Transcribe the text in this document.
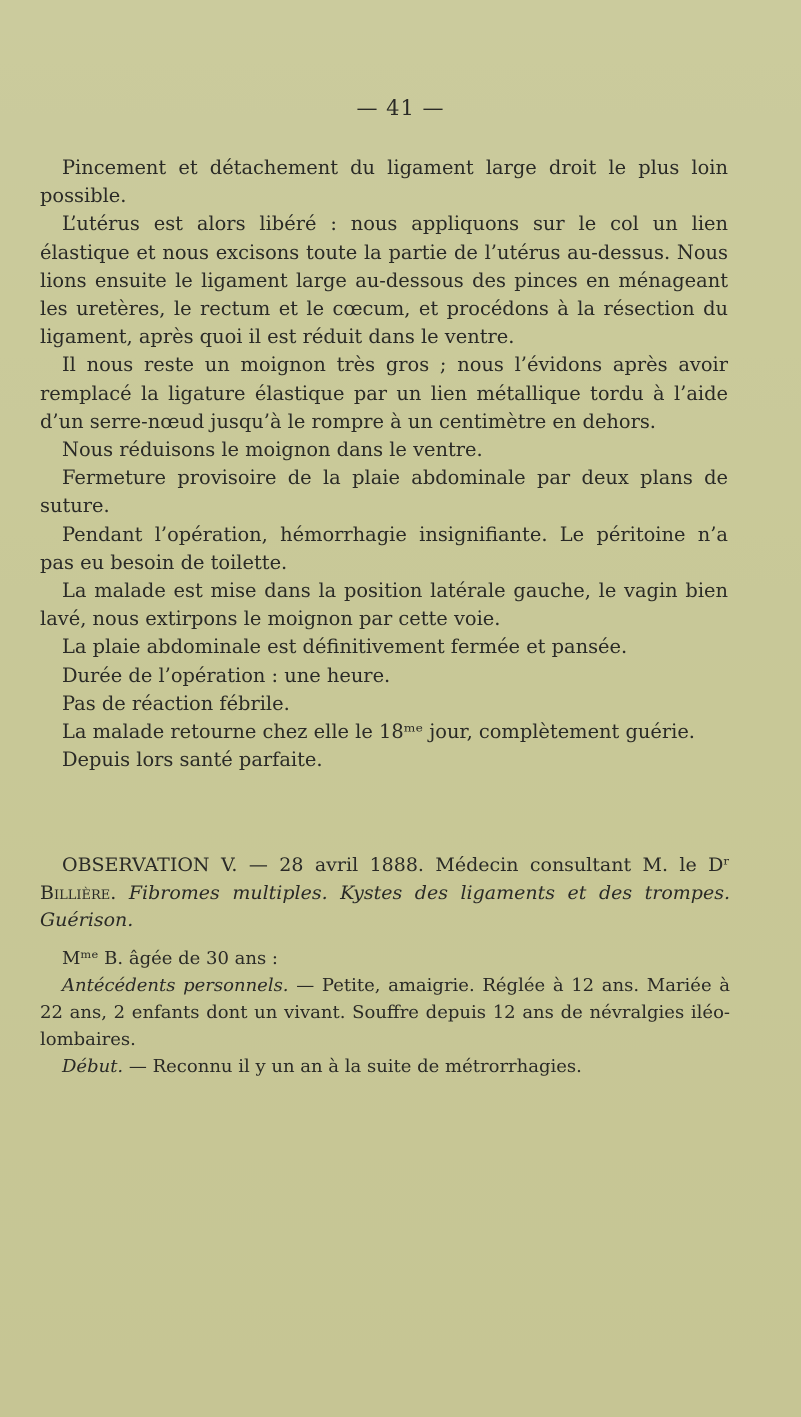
— 41 —

Pincement et détachement du ligament large droit le plus loin possible.

L’utérus est alors libéré : nous appliquons sur le col un lien élastique et nous excisons toute la partie de l’utérus au-dessus. Nous lions ensuite le ligament large au-dessous des pinces en ménageant les uretères, le rectum et le cœcum, et procédons à la résection du ligament, après quoi il est réduit dans le ventre.

Il nous reste un moignon très gros ; nous l’évidons après avoir remplacé la ligature élastique par un lien métallique tordu à l’aide d’un serre-nœud jusqu’à le rompre à un centimètre en dehors.

Nous réduisons le moignon dans le ventre.

Fermeture provisoire de la plaie abdominale par deux plans de suture.

Pendant l’opération, hémorrhagie insignifiante. Le péritoine n’a pas eu besoin de toilette.

La malade est mise dans la position latérale gauche, le vagin bien lavé, nous extirpons le moignon par cette voie.

La plaie abdominale est définitivement fermée et pansée.

Durée de l’opération : une heure.

Pas de réaction fébrile.

La malade retourne chez elle le 18ᵐᵉ jour, complètement guérie.

Depuis lors santé parfaite.

OBSERVATION V. — 28 avril 1888. Médecin consultant M. le Dʳ Billière. Fibromes multiples. Kystes des ligaments et des trompes. Guérison.

Mᵐᵉ B. âgée de 30 ans :

Antécédents personnels. — Petite, amaigrie. Réglée à 12 ans. Mariée à 22 ans, 2 enfants dont un vivant. Souffre depuis 12 ans de névralgies iléo-lombaires.

Début. — Reconnu il y un an à la suite de métrorrhagies.
